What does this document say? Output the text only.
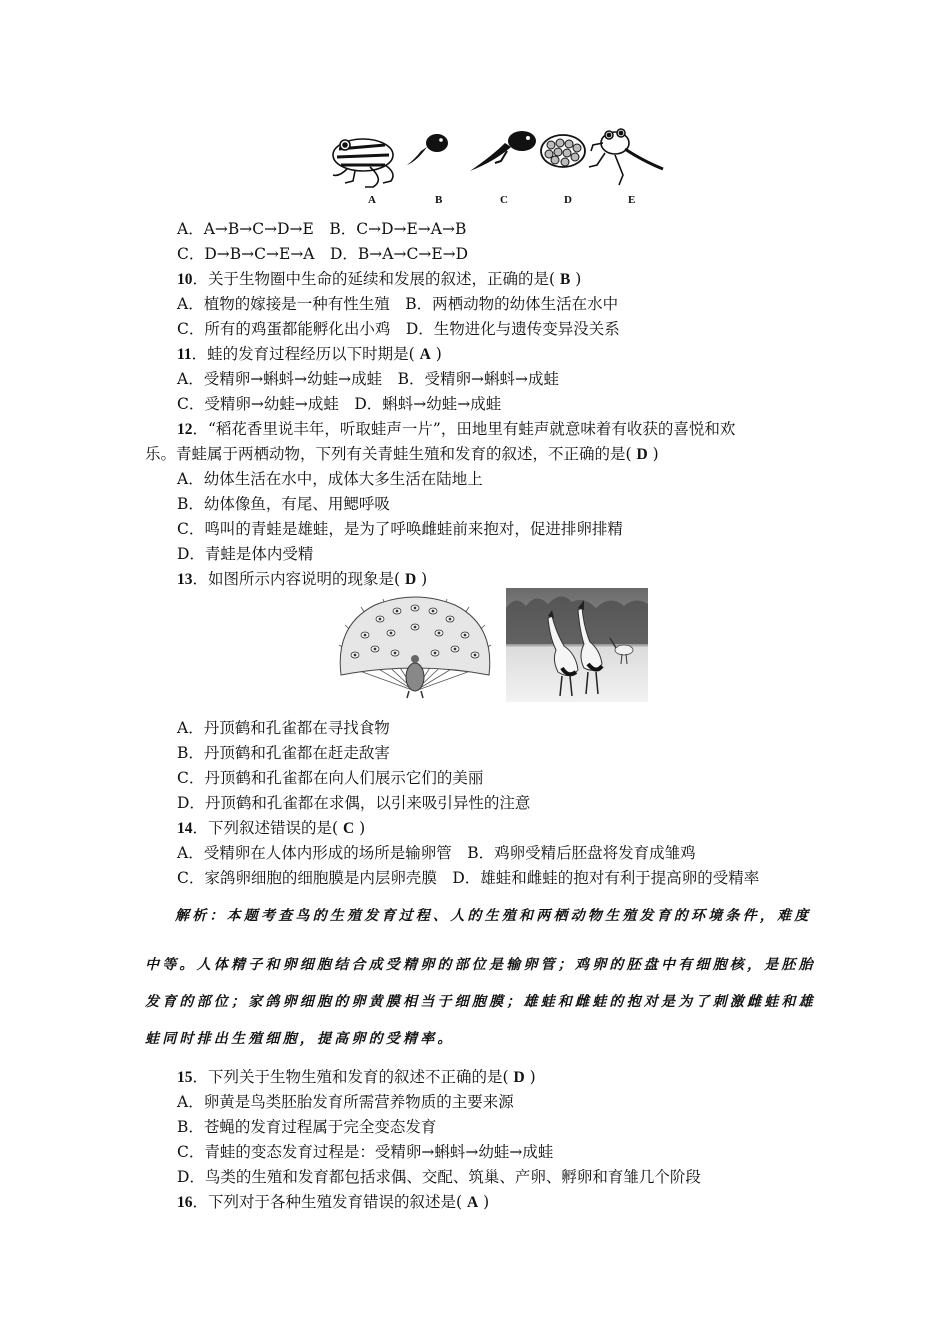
A	B	C	D	E
A．A→B→C→D→E　B．C→D→E→A→B
C．D→B→C→E→A　D．B→A→C→E→D
10．关于生物圈中生命的延续和发展的叙述，正确的是( B )
A．植物的嫁接是一种有性生殖　B．两栖动物的幼体生活在水中
C．所有的鸡蛋都能孵化出小鸡　D．生物进化与遗传变异没关系
11．蛙的发育过程经历以下时期是( A )
A．受精卵→蝌蚪→幼蛙→成蛙　B．受精卵→蝌蚪→成蛙
C．受精卵→幼蛙→成蛙　D．蝌蚪→幼蛙→成蛙
12．“稻花香里说丰年，听取蛙声一片”，田地里有蛙声就意味着有收获的喜悦和欢
乐。青蛙属于两栖动物，下列有关青蛙生殖和发育的叙述，不正确的是( D )
A．幼体生活在水中，成体大多生活在陆地上
B．幼体像鱼，有尾、用鳃呼吸
C．鸣叫的青蛙是雄蛙，是为了呼唤雌蛙前来抱对，促进排卵排精
D．青蛙是体内受精
13．如图所示内容说明的现象是( D )
A．丹顶鹤和孔雀都在寻找食物
B．丹顶鹤和孔雀都在赶走敌害
C．丹顶鹤和孔雀都在向人们展示它们的美丽
D．丹顶鹤和孔雀都在求偶，以引来吸引异性的注意
14．下列叙述错误的是( C )
A．受精卵在人体内形成的场所是输卵管　B．鸡卵受精后胚盘将发育成雏鸡
C．家鸽卵细胞的细胞膜是内层卵壳膜　D．雄蛙和雌蛙的抱对有利于提高卵的受精率
解析：本题考查鸟的生殖发育过程、人的生殖和两栖动物生殖发育的环境条件，难度
中等。人体精子和卵细胞结合成受精卵的部位是输卵管；鸡卵的胚盘中有细胞核，是胚胎
发育的部位；家鸽卵细胞的卵黄膜相当于细胞膜；雄蛙和雌蛙的抱对是为了刺激雌蛙和雄
蛙同时排出生殖细胞，提高卵的受精率。
15．下列关于生物生殖和发育的叙述不正确的是( D )
A．卵黄是鸟类胚胎发育所需营养物质的主要来源
B．苍蝇的发育过程属于完全变态发育
C．青蛙的变态发育过程是：受精卵→蝌蚪→幼蛙→成蛙
D．鸟类的生殖和发育都包括求偶、交配、筑巢、产卵、孵卵和育雏几个阶段
16．下列对于各种生殖发育错误的叙述是( A )
